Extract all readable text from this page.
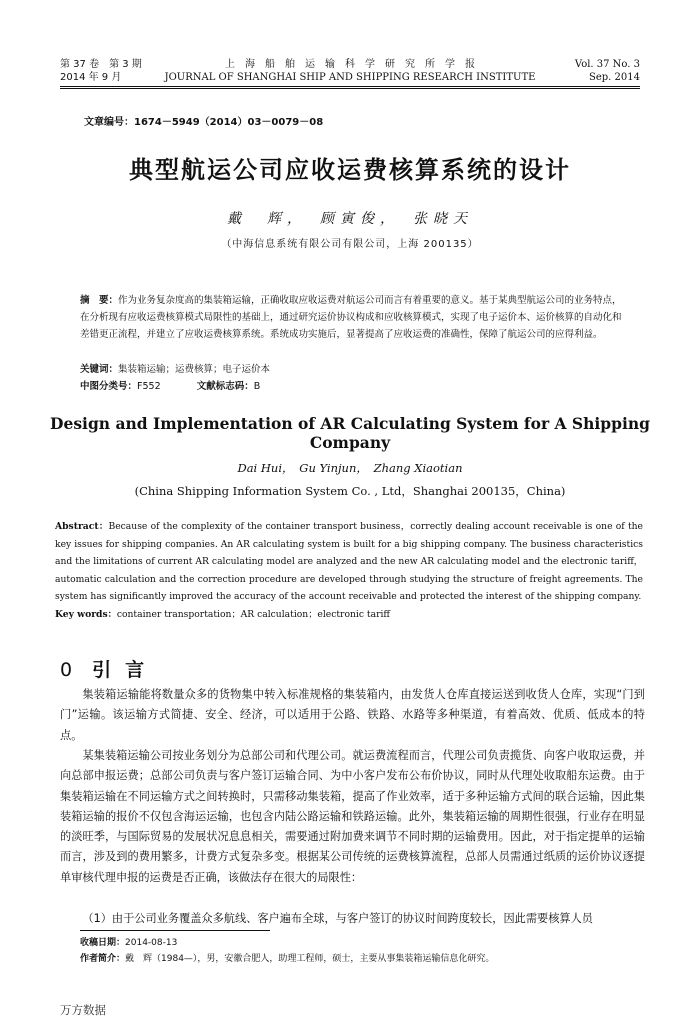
第 37 卷　第 3 期
2014 年 9 月
上　海　船　舶　运　输　科　学　研　究　所　学　报
JOURNAL OF SHANGHAI SHIP AND SHIPPING RESEARCH INSTITUTE
Vol. 37 No. 3
Sep. 2014
文章编号：1674－5949（2014）03－0079－08
典型航运公司应收运费核算系统的设计
戴　辉，　顾寅俊，　张晓天
（中海信息系统有限公司有限公司，上海 200135）
摘　要：作为业务复杂度高的集装箱运输，正确收取应收运费对航运公司而言有着重要的意义。基于某典型航运公司的业务特点，在分析现有应收运费核算模式局限性的基础上，通过研究运价协议构成和应收核算模式，实现了电子运价本、运价核算的自动化和差错更正流程，并建立了应收运费核算系统。系统成功实施后，显著提高了应收运费的准确性，保障了航运公司的应得利益。
关键词：集装箱运输；运费核算；电子运价本
中图分类号：F552	文献标志码：B
Design and Implementation of AR Calculating System for A Shipping Company
Dai Hui，　Gu Yinjun，　Zhang Xiaotian
(China Shipping Information System Co. , Ltd，Shanghai 200135，China)
Abstract：Because of the complexity of the container transport business，correctly dealing account receivable is one of the key issues for shipping companies. An AR calculating system is built for a big shipping company. The business characteristics and the limitations of current AR calculating model are analyzed and the new AR calculating model and the electronic tariff，automatic calculation and the correction procedure are developed through studying the structure of freight agreements. The system has significantly improved the accuracy of the account receivable and protected the interest of the shipping company.
Key words：container transportation；AR calculation；electronic tariff
0 引言
集装箱运输能将数量众多的货物集中转入标准规格的集装箱内，由发货人仓库直接运送到收货人仓库，实现“门到门”运输。该运输方式简捷、安全、经济，可以适用于公路、铁路、水路等多种渠道，有着高效、优质、低成本的特点。
某集装箱运输公司按业务划分为总部公司和代理公司。就运费流程而言，代理公司负责揽货、向客户收取运费，并向总部申报运费；总部公司负责与客户签订运输合同、为中小客户发布公布价协议，同时从代理处收取船东运费。由于集装箱运输在不同运输方式之间转换时，只需移动集装箱，提高了作业效率，适于多种运输方式间的联合运输，因此集装箱运输的报价不仅包含海运运输，也包含内陆公路运输和铁路运输。此外，集装箱运输的周期性很强，行业存在明显的淡旺季，与国际贸易的发展状况息息相关，需要通过附加费来调节不同时期的运输费用。因此，对于指定提单的运输而言，涉及到的费用繁多，计费方式复杂多变。根据某公司传统的运费核算流程，总部人员需通过纸质的运价协议逐提单审核代理申报的运费是否正确，该做法存在很大的局限性：
（1）由于公司业务覆盖众多航线、客户遍布全球，与客户签订的协议时间跨度较长，因此需要核算人员
收稿日期：2014-08-13
作者简介：戴　辉（1984—），男，安徽合肥人，助理工程师，硕士，主要从事集装箱运输信息化研究。
万方数据
